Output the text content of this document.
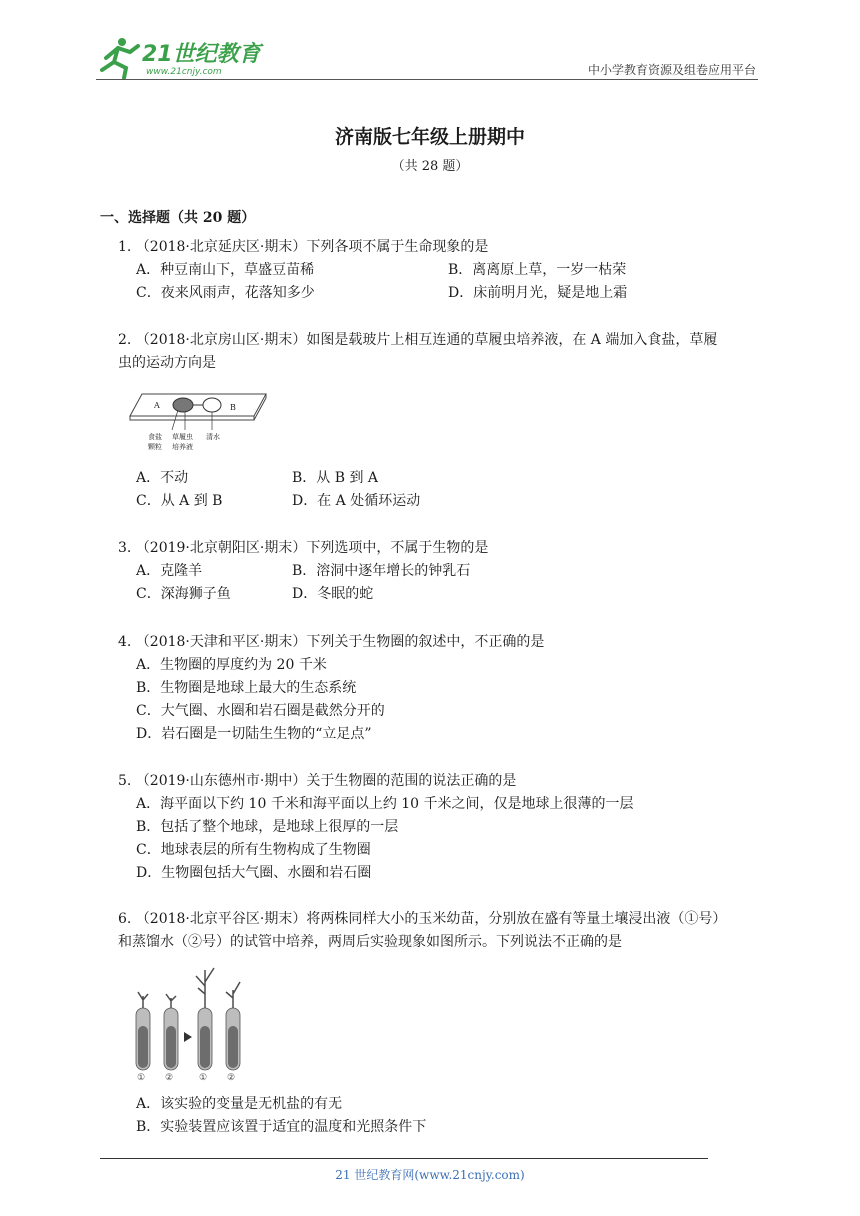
21世纪教育
www.21cnjy.com	中小学教育资源及组卷应用平台
济南版七年级上册期中
（共 28 题）
一、选择题（共 20 题）
1. （2018·北京延庆区·期末）下列各项不属于生命现象的是
A．种豆南山下，草盛豆苗稀	B．离离原上草，一岁一枯荣
C．夜来风雨声，花落知多少	D．床前明月光，疑是地上霜
2. （2018·北京房山区·期末）如图是载玻片上相互连通的草履虫培养液，在 A 端加入食盐，草履
虫的运动方向是
A	B
食盐
颗粒
草履虫
培养液
清水
A．不动	B．从 B 到 A
C．从 A 到 B	D．在 A 处循环运动
3. （2019·北京朝阳区·期末）下列选项中，不属于生物的是
A．克隆羊	B．溶洞中逐年增长的钟乳石
C．深海狮子鱼	D．冬眠的蛇
4. （2018·天津和平区·期末）下列关于生物圈的叙述中，不正确的是
A．生物圈的厚度约为 20 千米
B．生物圈是地球上最大的生态系统
C．大气圈、水圈和岩石圈是截然分开的
D．岩石圈是一切陆生生物的“立足点”
5. （2019·山东德州市·期中）关于生物圈的范围的说法正确的是
A．海平面以下约 10 千米和海平面以上约 10 千米之间，仅是地球上很薄的一层
B．包括了整个地球，是地球上很厚的一层
C．地球表层的所有生物构成了生物圈
D．生物圈包括大气圈、水圈和岩石圈
6. （2018·北京平谷区·期末）将两株同样大小的玉米幼苗，分别放在盛有等量土壤浸出液（①号）
和蒸馏水（②号）的试管中培养，两周后实验现象如图所示。下列说法不正确的是
① ②	① ②
A．该实验的变量是无机盐的有无
B．实验装置应该置于适宜的温度和光照条件下
21 世纪教育网(www.21cnjy.com)
